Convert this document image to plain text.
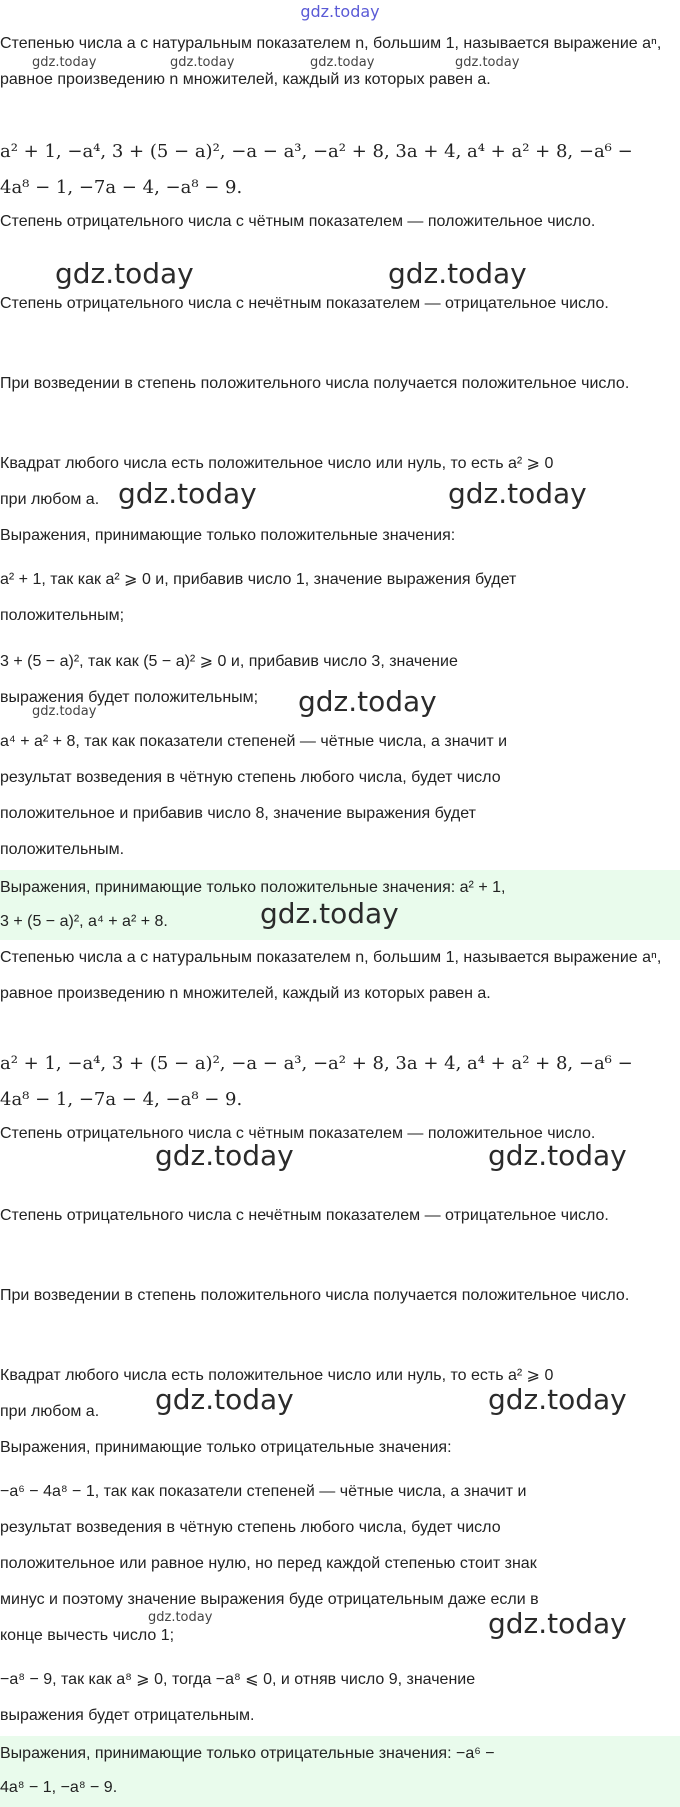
gdz.today
Степенью числа a с натуральным показателем n, большим 1, называется выражение aⁿ, равное произведению n множителей, каждый из которых равен a.
a² + 1, −a⁴, 3 + (5 − a)², −a − a³, −a² + 8, 3a + 4, a⁴ + a² + 8, −a⁶ −
4a⁸ − 1, −7a − 4, −a⁸ − 9.
Степень отрицательного числа с чётным показателем — положительное число.
Степень отрицательного числа с нечётным показателем — отрицательное число.
При возведении в степень положительного числа получается положительное число.
Квадрат любого числа есть положительное число или нуль, то есть a² ⩾ 0
при любом a.
Выражения, принимающие только положительные значения:
a² + 1, так как a² ⩾ 0 и, прибавив число 1, значение выражения будет
положительным;
3 + (5 − a)², так как (5 − a)² ⩾ 0 и, прибавив число 3, значение
выражения будет положительным;
a⁴ + a² + 8, так как показатели степеней — чётные числа, а значит и
результат возведения в чётную степень любого числа, будет число
положительное и прибавив число 8, значение выражения будет
положительным.
Выражения, принимающие только положительные значения: a² + 1,
3 + (5 − a)², a⁴ + a² + 8.
Степенью числа a с натуральным показателем n, большим 1, называется выражение aⁿ, равное произведению n множителей, каждый из которых равен a.
a² + 1, −a⁴, 3 + (5 − a)², −a − a³, −a² + 8, 3a + 4, a⁴ + a² + 8, −a⁶ −
4a⁸ − 1, −7a − 4, −a⁸ − 9.
Степень отрицательного числа с чётным показателем — положительное число.
Степень отрицательного числа с нечётным показателем — отрицательное число.
При возведении в степень положительного числа получается положительное число.
Квадрат любого числа есть положительное число или нуль, то есть a² ⩾ 0
при любом a.
Выражения, принимающие только отрицательные значения:
−a⁶ − 4a⁸ − 1, так как показатели степеней — чётные числа, а значит и
результат возведения в чётную степень любого числа, будет число
положительное или равное нулю, но перед каждой степенью стоит знак
минус и поэтому значение выражения буде отрицательным даже если в
конце вычесть число 1;
−a⁸ − 9, так как a⁸ ⩾ 0, тогда −a⁸ ⩽ 0, и отняв число 9, значение
выражения будет отрицательным.
Выражения, принимающие только отрицательные значения: −a⁶ −
4a⁸ − 1, −a⁸ − 9.
gdz.today	gdz.today	gdz.today	gdz.today
gdz.today	gdz.today
gdz.today	gdz.today
gdz.today
gdz.today
gdz.today
gdz.today	gdz.today
gdz.today	gdz.today
gdz.today	gdz.today
